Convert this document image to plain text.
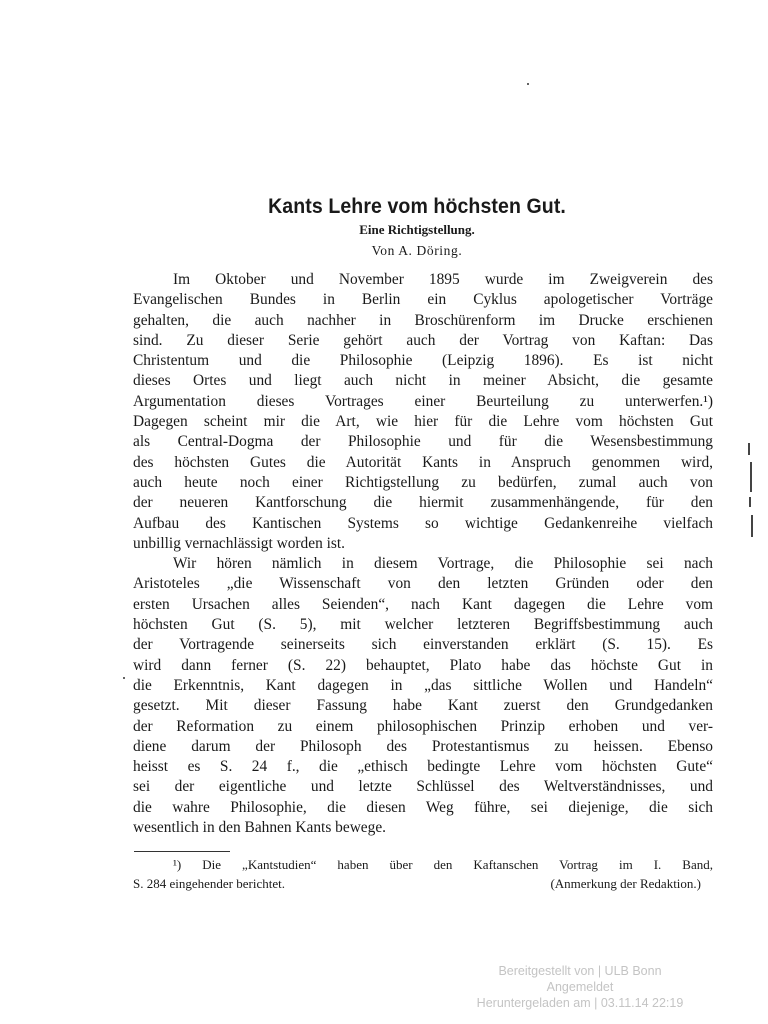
Kants Lehre vom höchsten Gut.
Eine Richtigstellung.
Von A. Döring.
Im Oktober und November 1895 wurde im Zweigverein des
Evangelischen Bundes in Berlin ein Cyklus apologetischer Vorträge
gehalten, die auch nachher in Broschürenform im Drucke erschienen
sind. Zu dieser Serie gehört auch der Vortrag von Kaftan: Das
Christentum und die Philosophie (Leipzig 1896). Es ist nicht
dieses Ortes und liegt auch nicht in meiner Absicht, die gesamte
Argumentation dieses Vortrages einer Beurteilung zu unterwerfen.¹)
Dagegen scheint mir die Art, wie hier für die Lehre vom höchsten Gut
als Central-Dogma der Philosophie und für die Wesensbestimmung
des höchsten Gutes die Autorität Kants in Anspruch genommen wird,
auch heute noch einer Richtigstellung zu bedürfen, zumal auch von
der neueren Kantforschung die hiermit zusammenhängende, für den
Aufbau des Kantischen Systems so wichtige Gedankenreihe vielfach
unbillig vernachlässigt worden ist.
Wir hören nämlich in diesem Vortrage, die Philosophie sei nach
Aristoteles „die Wissenschaft von den letzten Gründen oder den
ersten Ursachen alles Seienden“, nach Kant dagegen die Lehre vom
höchsten Gut (S. 5), mit welcher letzteren Begriffsbestimmung auch
der Vortragende seinerseits sich einverstanden erklärt (S. 15). Es
wird dann ferner (S. 22) behauptet, Plato habe das höchste Gut in
die Erkenntnis, Kant dagegen in „das sittliche Wollen und Handeln“
gesetzt. Mit dieser Fassung habe Kant zuerst den Grundgedanken
der Reformation zu einem philosophischen Prinzip erhoben und ver-
diene darum der Philosoph des Protestantismus zu heissen. Ebenso
heisst es S. 24 f., die „ethisch bedingte Lehre vom höchsten Gute“
sei der eigentliche und letzte Schlüssel des Weltverständnisses, und
die wahre Philosophie, die diesen Weg führe, sei diejenige, die sich
wesentlich in den Bahnen Kants bewege.
¹) Die „Kantstudien“ haben über den Kaftanschen Vortrag im I. Band,
S. 284 eingehender berichtet.	(Anmerkung der Redaktion.)
Bereitgestellt von | ULB Bonn
Angemeldet
Heruntergeladen am | 03.11.14 22:19
